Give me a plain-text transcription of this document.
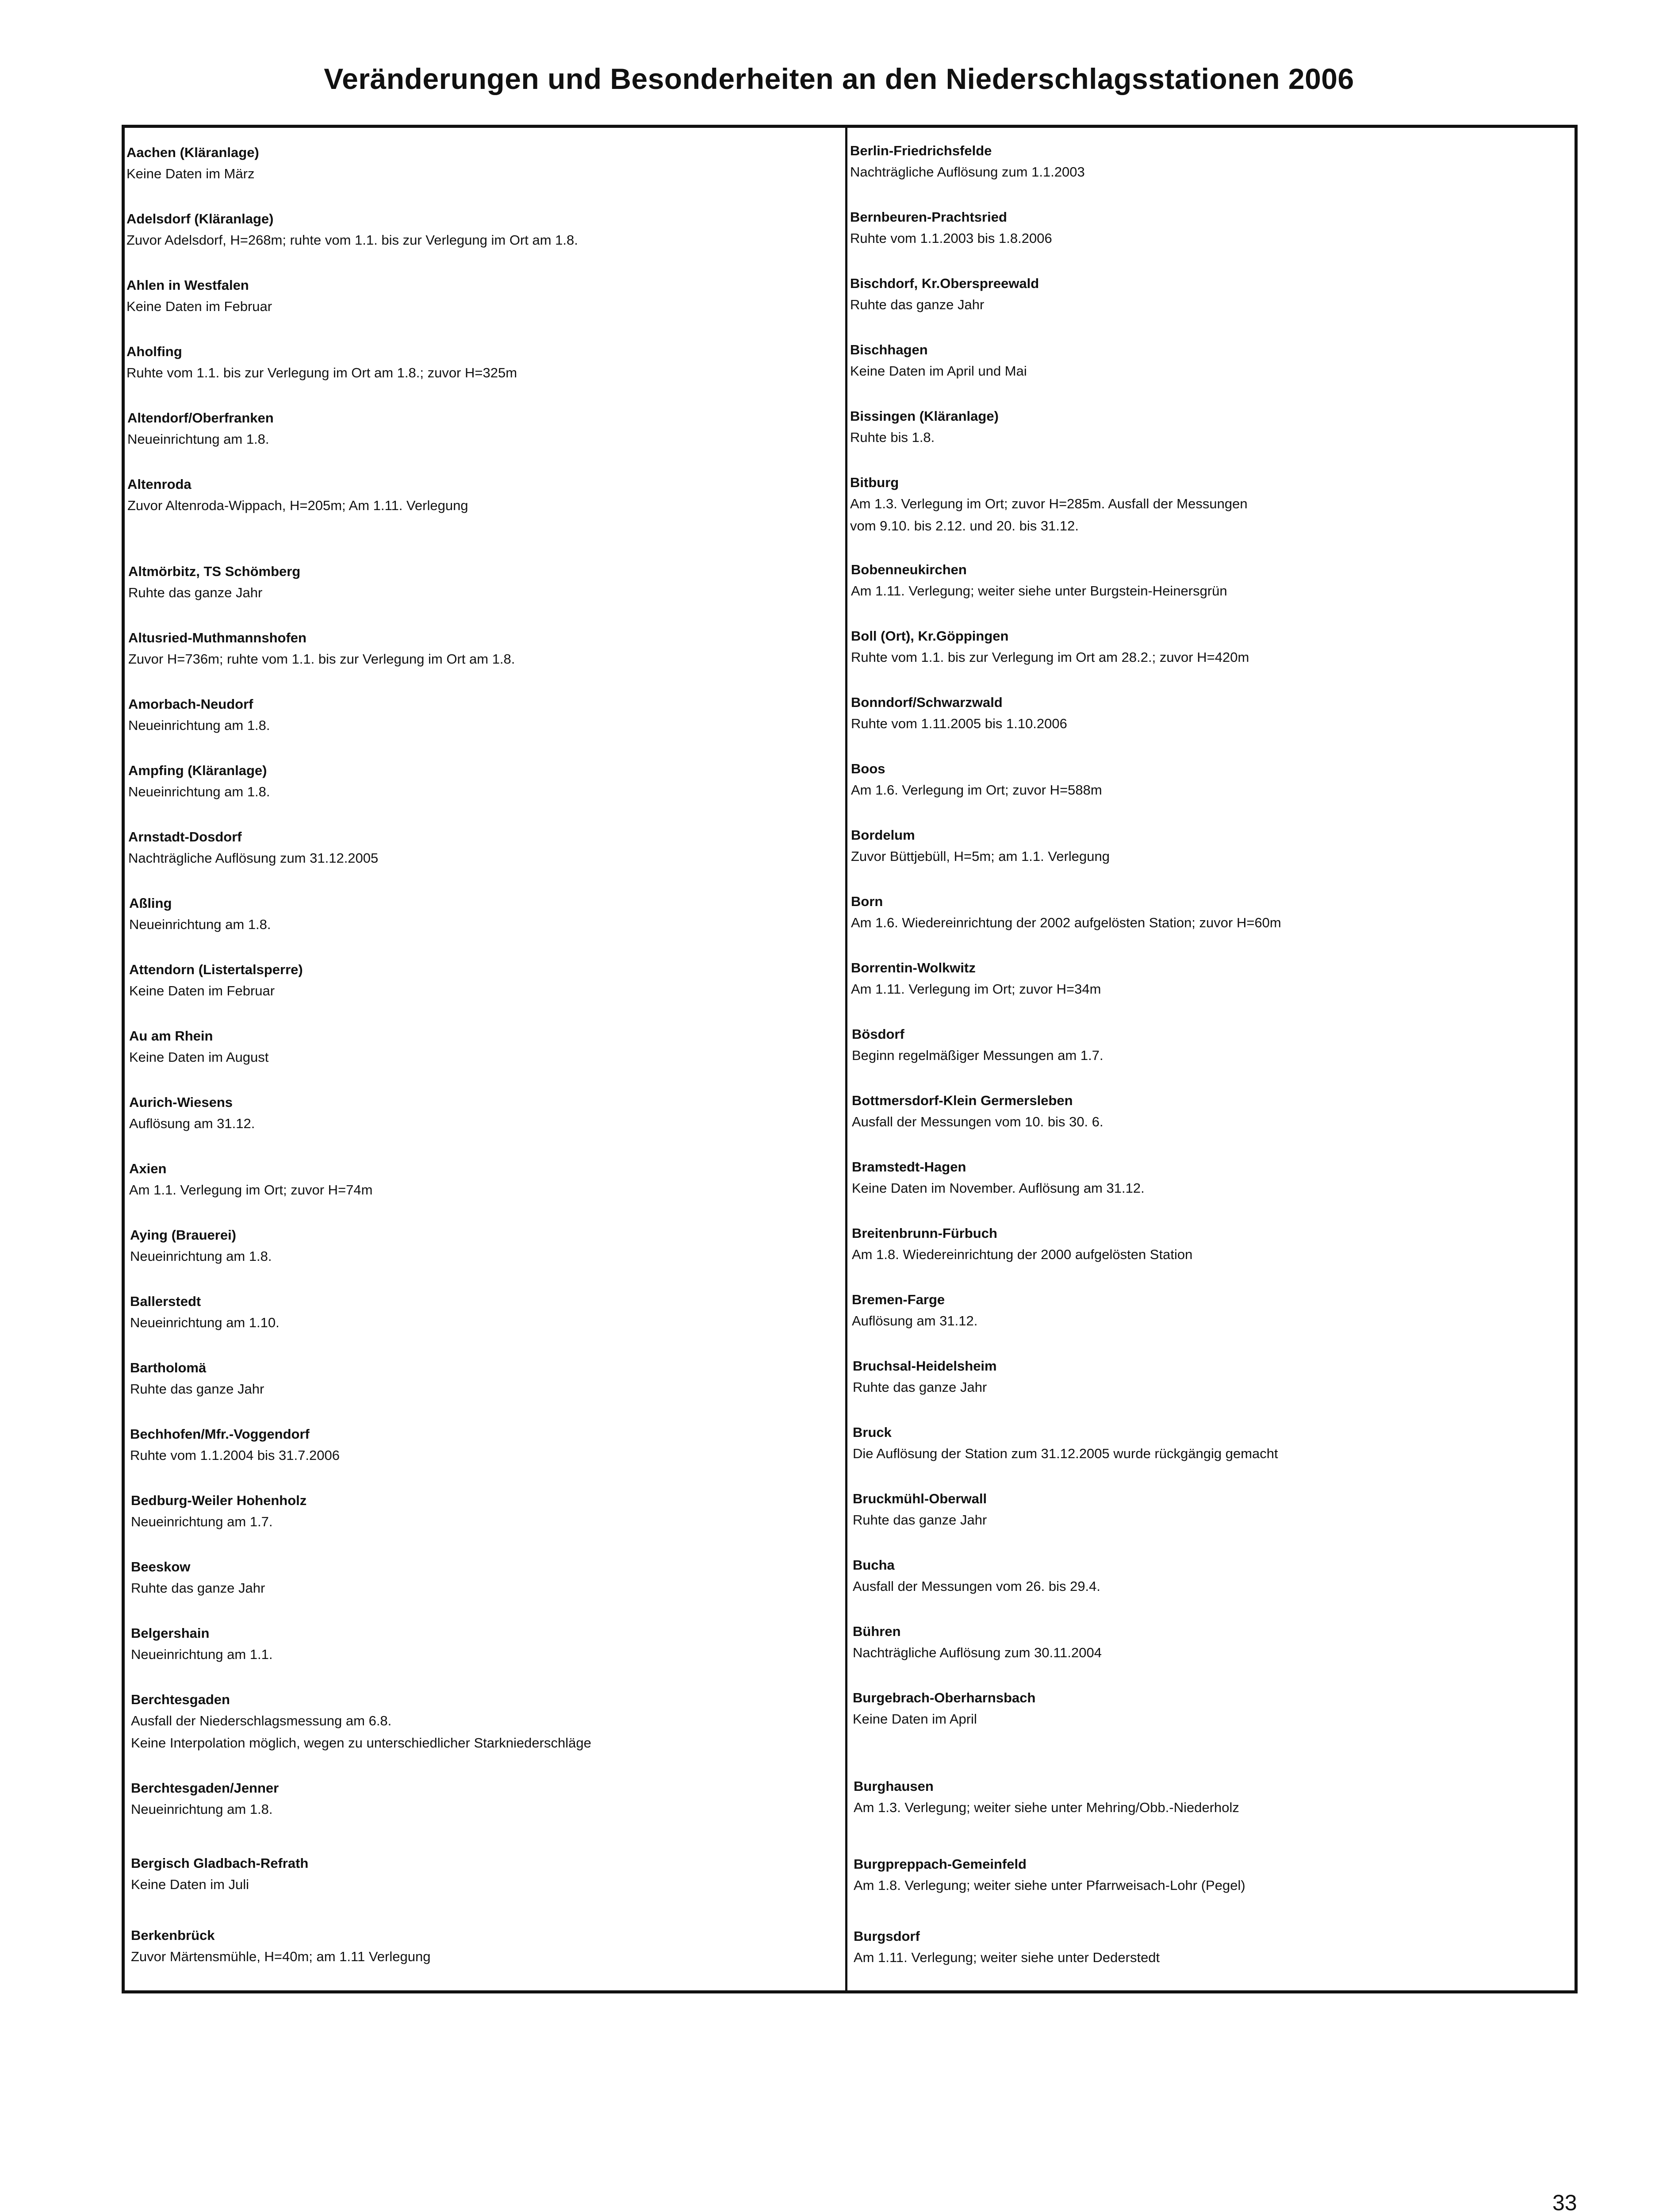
Veränderungen und Besonderheiten an den Niederschlagsstationen 2006
Aachen (Kläranlage)
Keine Daten im März
Adelsdorf (Kläranlage)
Zuvor Adelsdorf, H=268m; ruhte vom 1.1. bis zur Verlegung im Ort am 1.8.
Ahlen in Westfalen
Keine Daten im Februar
Aholfing
Ruhte vom 1.1. bis zur Verlegung im Ort am 1.8.; zuvor H=325m
Altendorf/Oberfranken
Neueinrichtung am 1.8.
Altenroda
Zuvor Altenroda-Wippach, H=205m; Am 1.11. Verlegung
Altmörbitz, TS Schömberg
Ruhte das ganze Jahr
Altusried-Muthmannshofen
Zuvor H=736m; ruhte vom 1.1. bis zur Verlegung im Ort am 1.8.
Amorbach-Neudorf
Neueinrichtung am 1.8.
Ampfing (Kläranlage)
Neueinrichtung am 1.8.
Arnstadt-Dosdorf
Nachträgliche Auflösung zum 31.12.2005
Aßling
Neueinrichtung am 1.8.
Attendorn (Listertalsperre)
Keine Daten im Februar
Au am Rhein
Keine Daten im August
Aurich-Wiesens
Auflösung am 31.12.
Axien
Am 1.1. Verlegung im Ort; zuvor H=74m
Aying (Brauerei)
Neueinrichtung am 1.8.
Ballerstedt
Neueinrichtung am 1.10.
Bartholomä
Ruhte das ganze Jahr
Bechhofen/Mfr.-Voggendorf
Ruhte vom 1.1.2004 bis 31.7.2006
Bedburg-Weiler Hohenholz
Neueinrichtung am 1.7.
Beeskow
Ruhte das ganze Jahr
Belgershain
Neueinrichtung am 1.1.
Berchtesgaden
Ausfall der Niederschlagsmessung am 6.8.
Keine Interpolation möglich, wegen zu unterschiedlicher Starkniederschläge
Berchtesgaden/Jenner
Neueinrichtung am 1.8.
Bergisch Gladbach-Refrath
Keine Daten im Juli
Berkenbrück
Zuvor Märtensmühle, H=40m; am 1.11 Verlegung
Berlin-Friedrichsfelde
Nachträgliche Auflösung zum 1.1.2003
Bernbeuren-Prachtsried
Ruhte vom 1.1.2003 bis 1.8.2006
Bischdorf, Kr.Oberspreewald
Ruhte das ganze Jahr
Bischhagen
Keine Daten im April und Mai
Bissingen (Kläranlage)
Ruhte bis 1.8.
Bitburg
Am 1.3. Verlegung im Ort; zuvor H=285m. Ausfall der Messungen
vom 9.10. bis 2.12. und 20. bis 31.12.
Bobenneukirchen
Am 1.11. Verlegung; weiter siehe unter Burgstein-Heinersgrün
Boll (Ort), Kr.Göppingen
Ruhte vom 1.1. bis zur Verlegung im Ort am 28.2.; zuvor H=420m
Bonndorf/Schwarzwald
Ruhte vom 1.11.2005 bis 1.10.2006
Boos
Am 1.6. Verlegung im Ort; zuvor H=588m
Bordelum
Zuvor Büttjebüll, H=5m; am 1.1. Verlegung
Born
Am 1.6. Wiedereinrichtung der 2002 aufgelösten Station; zuvor H=60m
Borrentin-Wolkwitz
Am 1.11. Verlegung im Ort; zuvor H=34m
Bösdorf
Beginn regelmäßiger Messungen am 1.7.
Bottmersdorf-Klein Germersleben
Ausfall der Messungen vom 10. bis 30. 6.
Bramstedt-Hagen
Keine Daten im November. Auflösung am 31.12.
Breitenbrunn-Fürbuch
Am 1.8. Wiedereinrichtung der 2000 aufgelösten Station
Bremen-Farge
Auflösung am 31.12.
Bruchsal-Heidelsheim
Ruhte das ganze Jahr
Bruck
Die Auflösung der Station zum 31.12.2005 wurde rückgängig gemacht
Bruckmühl-Oberwall
Ruhte das ganze Jahr
Bucha
Ausfall der Messungen vom 26. bis 29.4.
Bühren
Nachträgliche Auflösung zum 30.11.2004
Burgebrach-Oberharnsbach
Keine Daten im April
Burghausen
Am 1.3. Verlegung; weiter siehe unter Mehring/Obb.-Niederholz
Burgpreppach-Gemeinfeld
Am 1.8. Verlegung; weiter siehe unter Pfarrweisach-Lohr (Pegel)
Burgsdorf
Am 1.11. Verlegung; weiter siehe unter Dederstedt
33
